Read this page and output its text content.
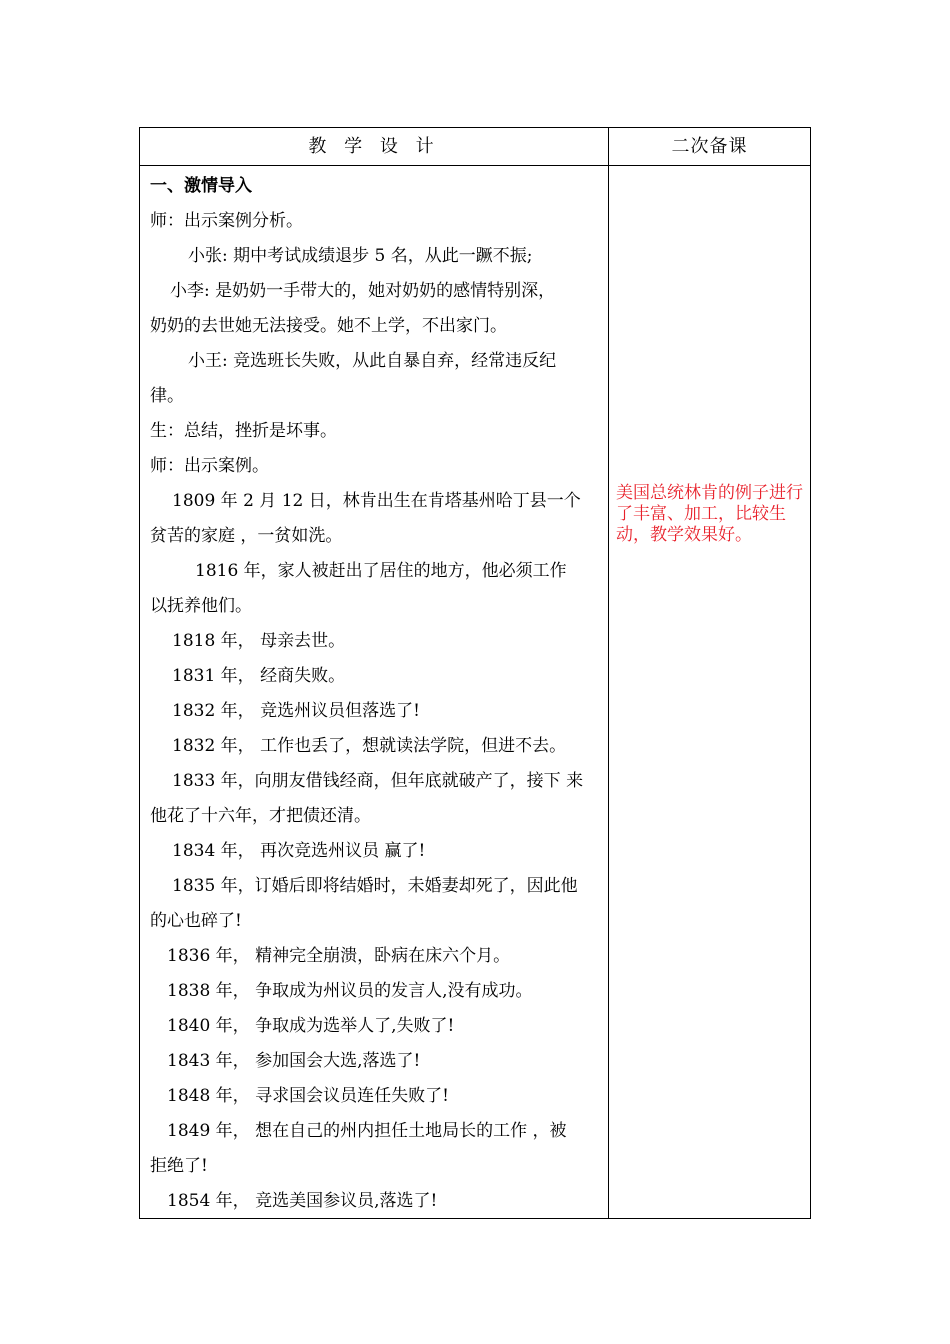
教 学 设 计	二次备课

一、激情导入

师：出示案例分析。

小张: 期中考试成绩退步 5 名，从此一蹶不振;

小李: 是奶奶一手带大的，她对奶奶的感情特别深，

奶奶的去世她无法接受。她不上学，不出家门。

小王: 竞选班长失败，从此自暴自弃，经常违反纪

律。

生：总结，挫折是坏事。

师：出示案例。

1809 年 2 月 12 日，林肯出生在肯塔基州哈丁县一个

贫苦的家庭 ，一贫如洗。

1816 年，家人被赶出了居住的地方，他必须工作

以抚养他们。

1818 年， 母亲去世。

1831 年， 经商失败。

1832 年， 竞选州议员但落选了!

1832 年， 工作也丢了，想就读法学院，但进不去。

1833 年，向朋友借钱经商，但年底就破产了，接下 来

他花了十六年，才把债还清。

1834 年， 再次竞选州议员 赢了!

1835 年，订婚后即将结婚时，未婚妻却死了，因此他

的心也碎了!

1836 年， 精神完全崩溃，卧病在床六个月。

1838 年， 争取成为州议员的发言人,没有成功。

1840 年， 争取成为选举人了,失败了!

1843 年， 参加国会大选,落选了!

1848 年， 寻求国会议员连任失败了!

1849 年， 想在自己的州内担任土地局长的工作 ，被

拒绝了!

1854 年， 竞选美国参议员,落选了!

美国总统林肯的例子进行了丰富、加工，比较生动，教学效果好。
